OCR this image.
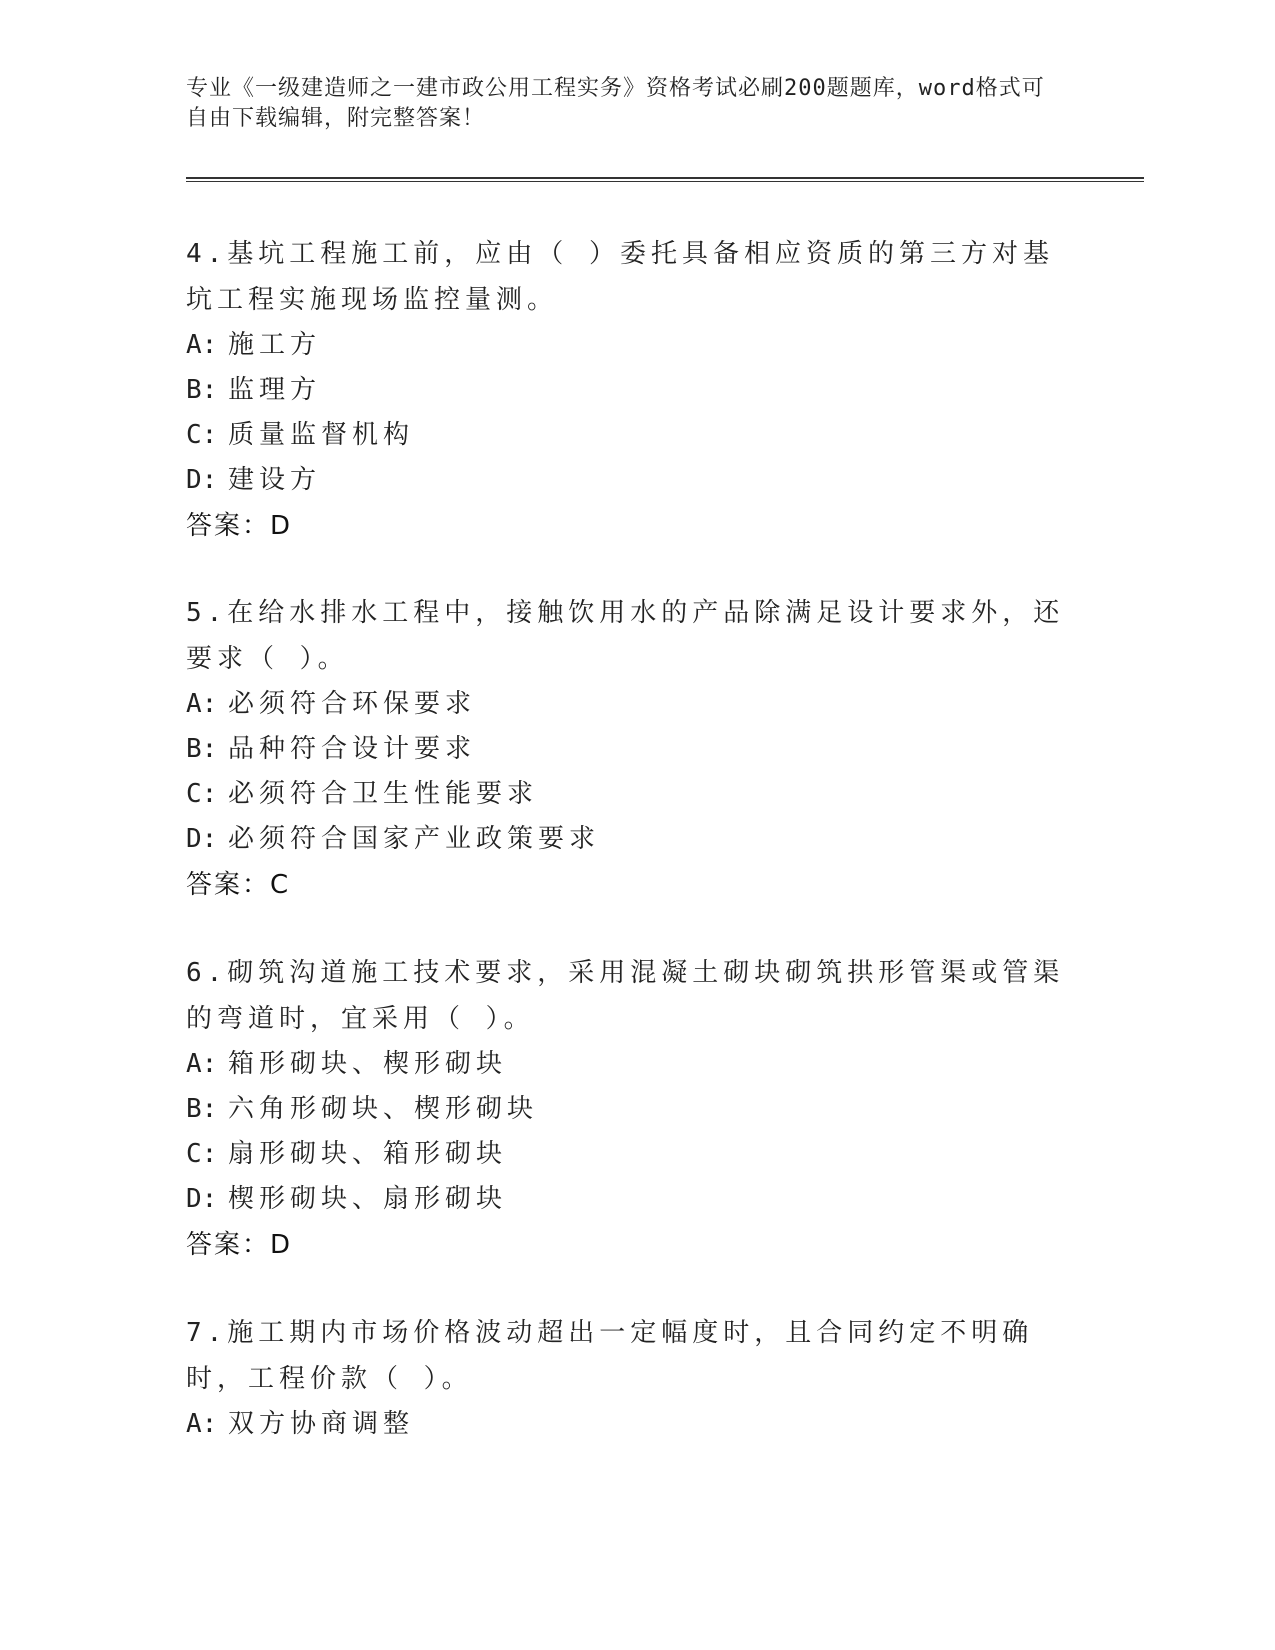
专业《一级建造师之一建市政公用工程实务》资格考试必刷200题题库，word格式可自由下载编辑，附完整答案！

4.基坑工程施工前，应由（ ）委托具备相应资质的第三方对基坑工程实施现场监控量测。

A: 施工方

B: 监理方

C: 质量监督机构

D: 建设方

答案：D

5.在给水排水工程中，接触饮用水的产品除满足设计要求外，还要求（ ）。

A: 必须符合环保要求

B: 品种符合设计要求

C: 必须符合卫生性能要求

D: 必须符合国家产业政策要求

答案：C

6.砌筑沟道施工技术要求，采用混凝土砌块砌筑拱形管渠或管渠的弯道时，宜采用（ ）。

A: 箱形砌块、楔形砌块

B: 六角形砌块、楔形砌块

C: 扇形砌块、箱形砌块

D: 楔形砌块、扇形砌块

答案：D

7.施工期内市场价格波动超出一定幅度时，且合同约定不明确时，工程价款（ ）。

A: 双方协商调整
